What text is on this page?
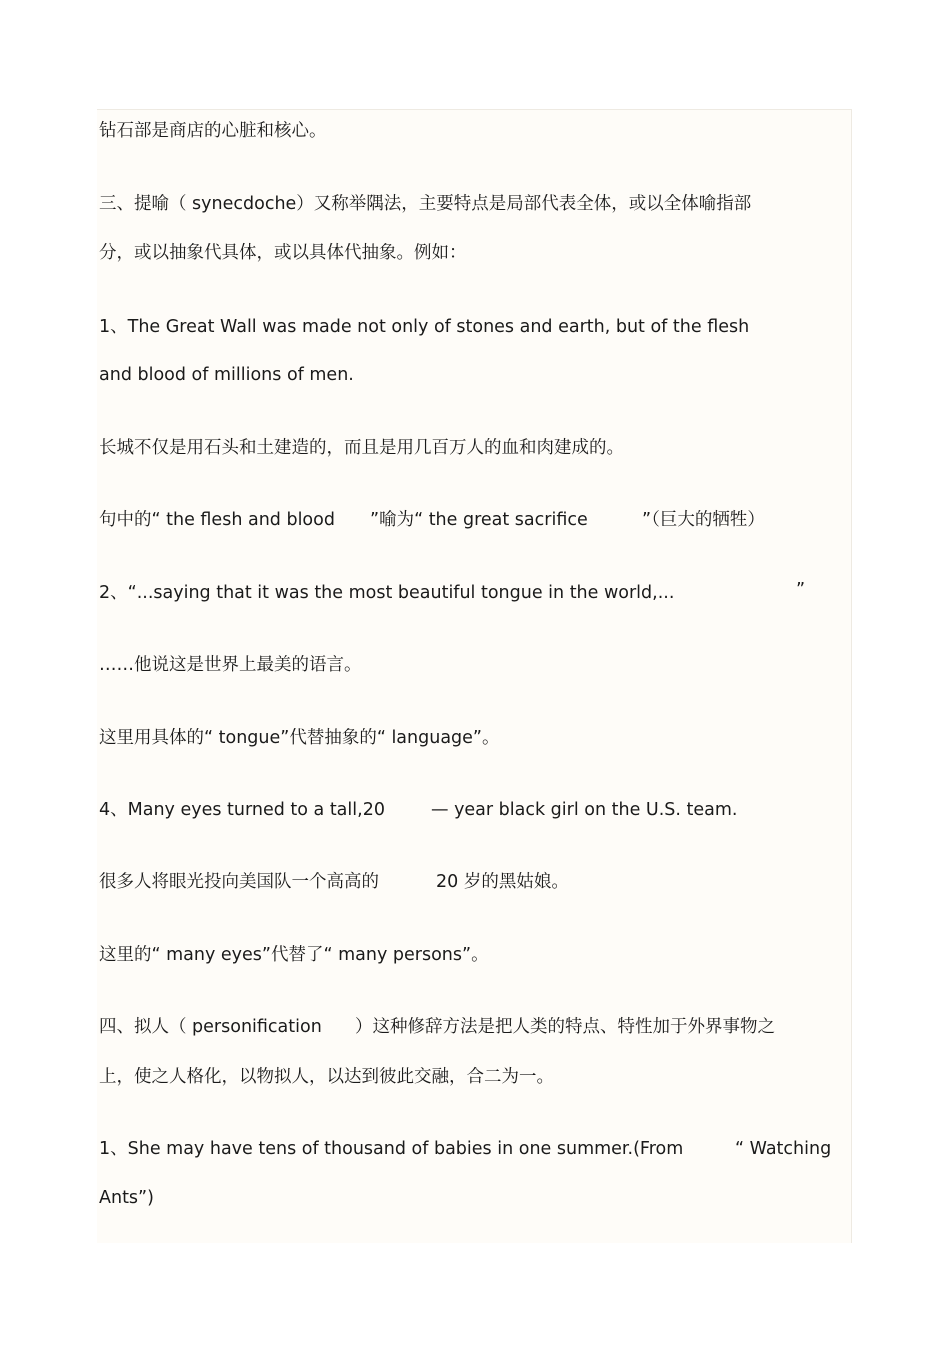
钻石部是商店的心脏和核心。

三、提喻（ synecdoche）又称举隅法，主要特点是局部代表全体，或以全体喻指部

分，或以抽象代具体，或以具体代抽象。例如：

1、The Great Wall was made not only of stones and earth, but of the flesh

and blood of millions of men.

长城不仅是用石头和土建造的，而且是用几百万人的血和肉建成的。

句中的“ the flesh and blood ”喻为“ the great sacrifice	”（巨大的牺牲）
2、“...saying that it was the most beautiful tongue in the world,...	”

……他说这是世界上最美的语言。

这里用具体的“ tongue”代替抽象的“ language”。

4、Many eyes turned to a tall,20	— year black girl on the U.S. team.
很多人将眼光投向美国队一个高高的	20 岁的黑姑娘。

这里的“ many eyes”代替了“ many persons”。

四、拟人（ personification ）这种修辞方法是把人类的特点、特性加于外界事物之

上，使之人格化，以物拟人，以达到彼此交融，合二为一。

1、She may have tens of thousand of babies in one summer.(From	“ Watching

Ants”)
